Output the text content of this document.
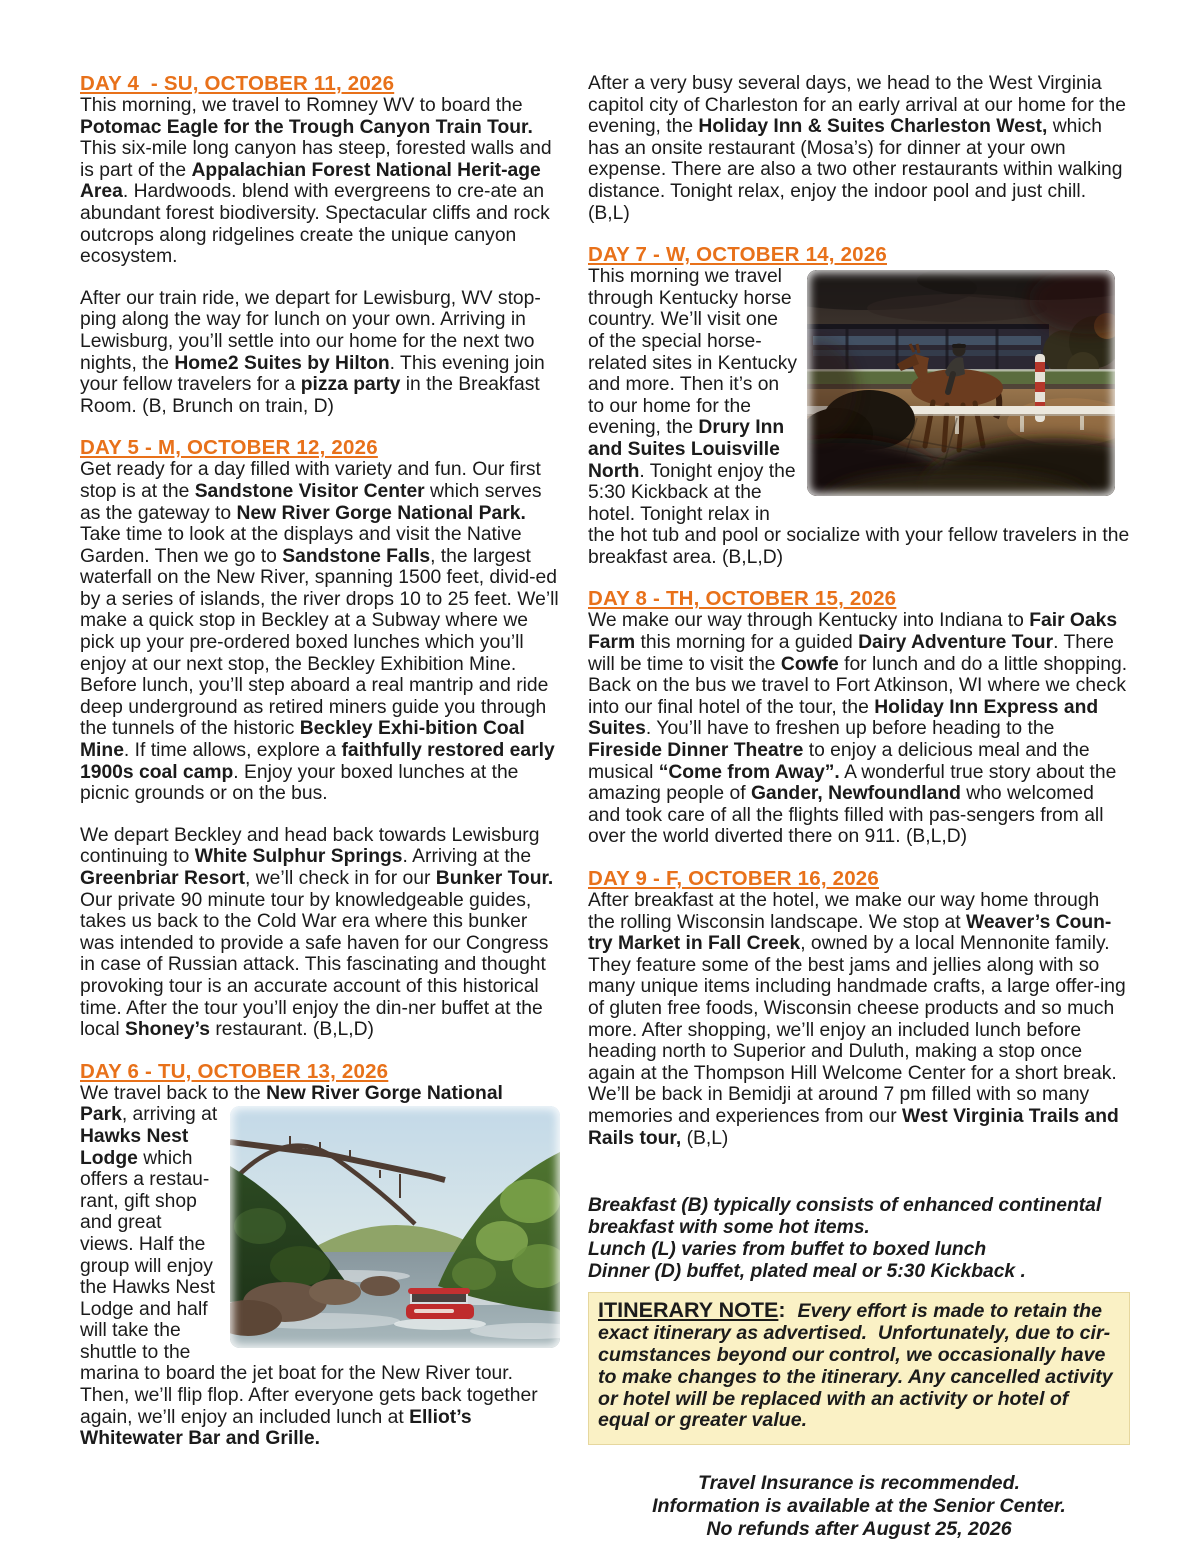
DAY 4  - SU, OCTOBER 11, 2026

This morning, we travel to Romney WV to board the Potomac Eagle for the Trough Canyon Train Tour. This six-mile long canyon has steep, forested walls and is part of the Appalachian Forest National Herit-age Area. Hardwoods. blend with evergreens to cre-ate an abundant forest biodiversity. Spectacular cliffs and rock outcrops along ridgelines create the unique canyon ecosystem.

After our train ride, we depart for Lewisburg, WV stop-ping along the way for lunch on your own. Arriving in Lewisburg, you’ll settle into our home for the next two nights, the Home2 Suites by Hilton. This evening join your fellow travelers for a pizza party in the Breakfast Room. (B, Brunch on train, D)

DAY 5 - M, OCTOBER 12, 2026

Get ready for a day filled with variety and fun. Our first stop is at the Sandstone Visitor Center which serves as the gateway to New River Gorge National Park. Take time to look at the displays and visit the Native Garden. Then we go to Sandstone Falls, the largest waterfall on the New River, spanning 1500 feet, divid-ed by a series of islands, the river drops 10 to 25 feet. We’ll make a quick stop in Beckley at a Subway where we pick up your pre-ordered boxed lunches which you’ll enjoy at our next stop, the Beckley Exhibition Mine. Before lunch, you’ll step aboard a real mantrip and ride deep underground as retired miners guide you through the tunnels of the historic Beckley Exhi-bition Coal Mine. If time allows, explore a faithfully restored early 1900s coal camp. Enjoy your boxed lunches at the picnic grounds or on the bus.

We depart Beckley and head back towards Lewisburg continuing to White Sulphur Springs. Arriving at the Greenbriar Resort, we’ll check in for our Bunker Tour. Our private 90 minute tour by knowledgeable guides, takes us back to the Cold War era where this bunker was intended to provide a safe haven for our Congress in case of Russian attack. This fascinating and thought provoking tour is an accurate account of this historical time. After the tour you’ll enjoy the din-ner buffet at the local Shoney’s restaurant. (B,L,D)

DAY 6 - TU, OCTOBER 13, 2026

We travel back to the New River Gorge National

Park, arriving at Hawks Nest Lodge which offers a restau-rant, gift shop and great views. Half the group will enjoy the Hawks Nest Lodge and half will take the shuttle to the marina to board the jet boat for the New River tour. Then, we’ll flip flop. After everyone gets back together again, we’ll enjoy an included lunch at Elliot’s Whitewater Bar and Grille.

After a very busy several days, we head to the West Virginia capitol city of Charleston for an early arrival at our home for the evening, the Holiday Inn & Suites Charleston West, which has an onsite restaurant (Mosa’s) for dinner at your own expense. There are also a two other restaurants within walking distance. Tonight relax, enjoy the indoor pool and just chill. (B,L)

DAY 7 - W, OCTOBER 14, 2026
This morning we travel through Kentucky horse country. We’ll visit one of the special horse-related sites in Kentucky and more. Then it’s on to our home for the evening, the Drury Inn and Suites Louisville North. Tonight enjoy the 5:30 Kickback at the hotel. Tonight relax in the hot tub and pool or socialize with your fellow travelers in the breakfast area. (B,L,D)
DAY 8 - TH, OCTOBER 15, 2026

We make our way through Kentucky into Indiana to Fair Oaks Farm this morning for a guided Dairy Adventure Tour. There will be time to visit the Cowfe for lunch and do a little shopping. Back on the bus we travel to Fort Atkinson, WI where we check into our final hotel of the tour, the Holiday Inn Express and Suites. You’ll have to freshen up before heading to the Fireside Dinner Theatre to enjoy a delicious meal and the musical “Come from Away”. A wonderful true story about the amazing people of Gander, Newfoundland who welcomed and took care of all the flights filled with pas-sengers from all over the world diverted there on 911. (B,L,D)

DAY 9 - F, OCTOBER 16, 2026

After breakfast at the hotel, we make our way home through the rolling Wisconsin landscape. We stop at Weaver’s Coun-try Market in Fall Creek, owned by a local Mennonite family. They feature some of the best jams and jellies along with so many unique items including handmade crafts, a large offer-ing of gluten free foods, Wisconsin cheese products and so much more. After shopping, we’ll enjoy an included lunch before heading north to Superior and Duluth, making a stop once again at the Thompson Hill Welcome Center for a short break. We’ll be back in Bemidji at around 7 pm filled with so many memories and experiences from our West Virginia Trails and Rails tour, (B,L)

Breakfast (B) typically consists of enhanced continental breakfast with some hot items.
Lunch (L) varies from buffet to boxed lunch
Dinner (D) buffet, plated meal or 5:30 Kickback .
ITINERARY NOTE:  Every effort is made to retain the exact itinerary as advertised.  Unfortunately, due to cir-cumstances beyond our control, we occasionally have to make changes to the itinerary. Any cancelled activity or hotel will be replaced with an activity or hotel of equal or greater value.
Travel Insurance is recommended.
Information is available at the Senior Center.
No refunds after August 25, 2026
